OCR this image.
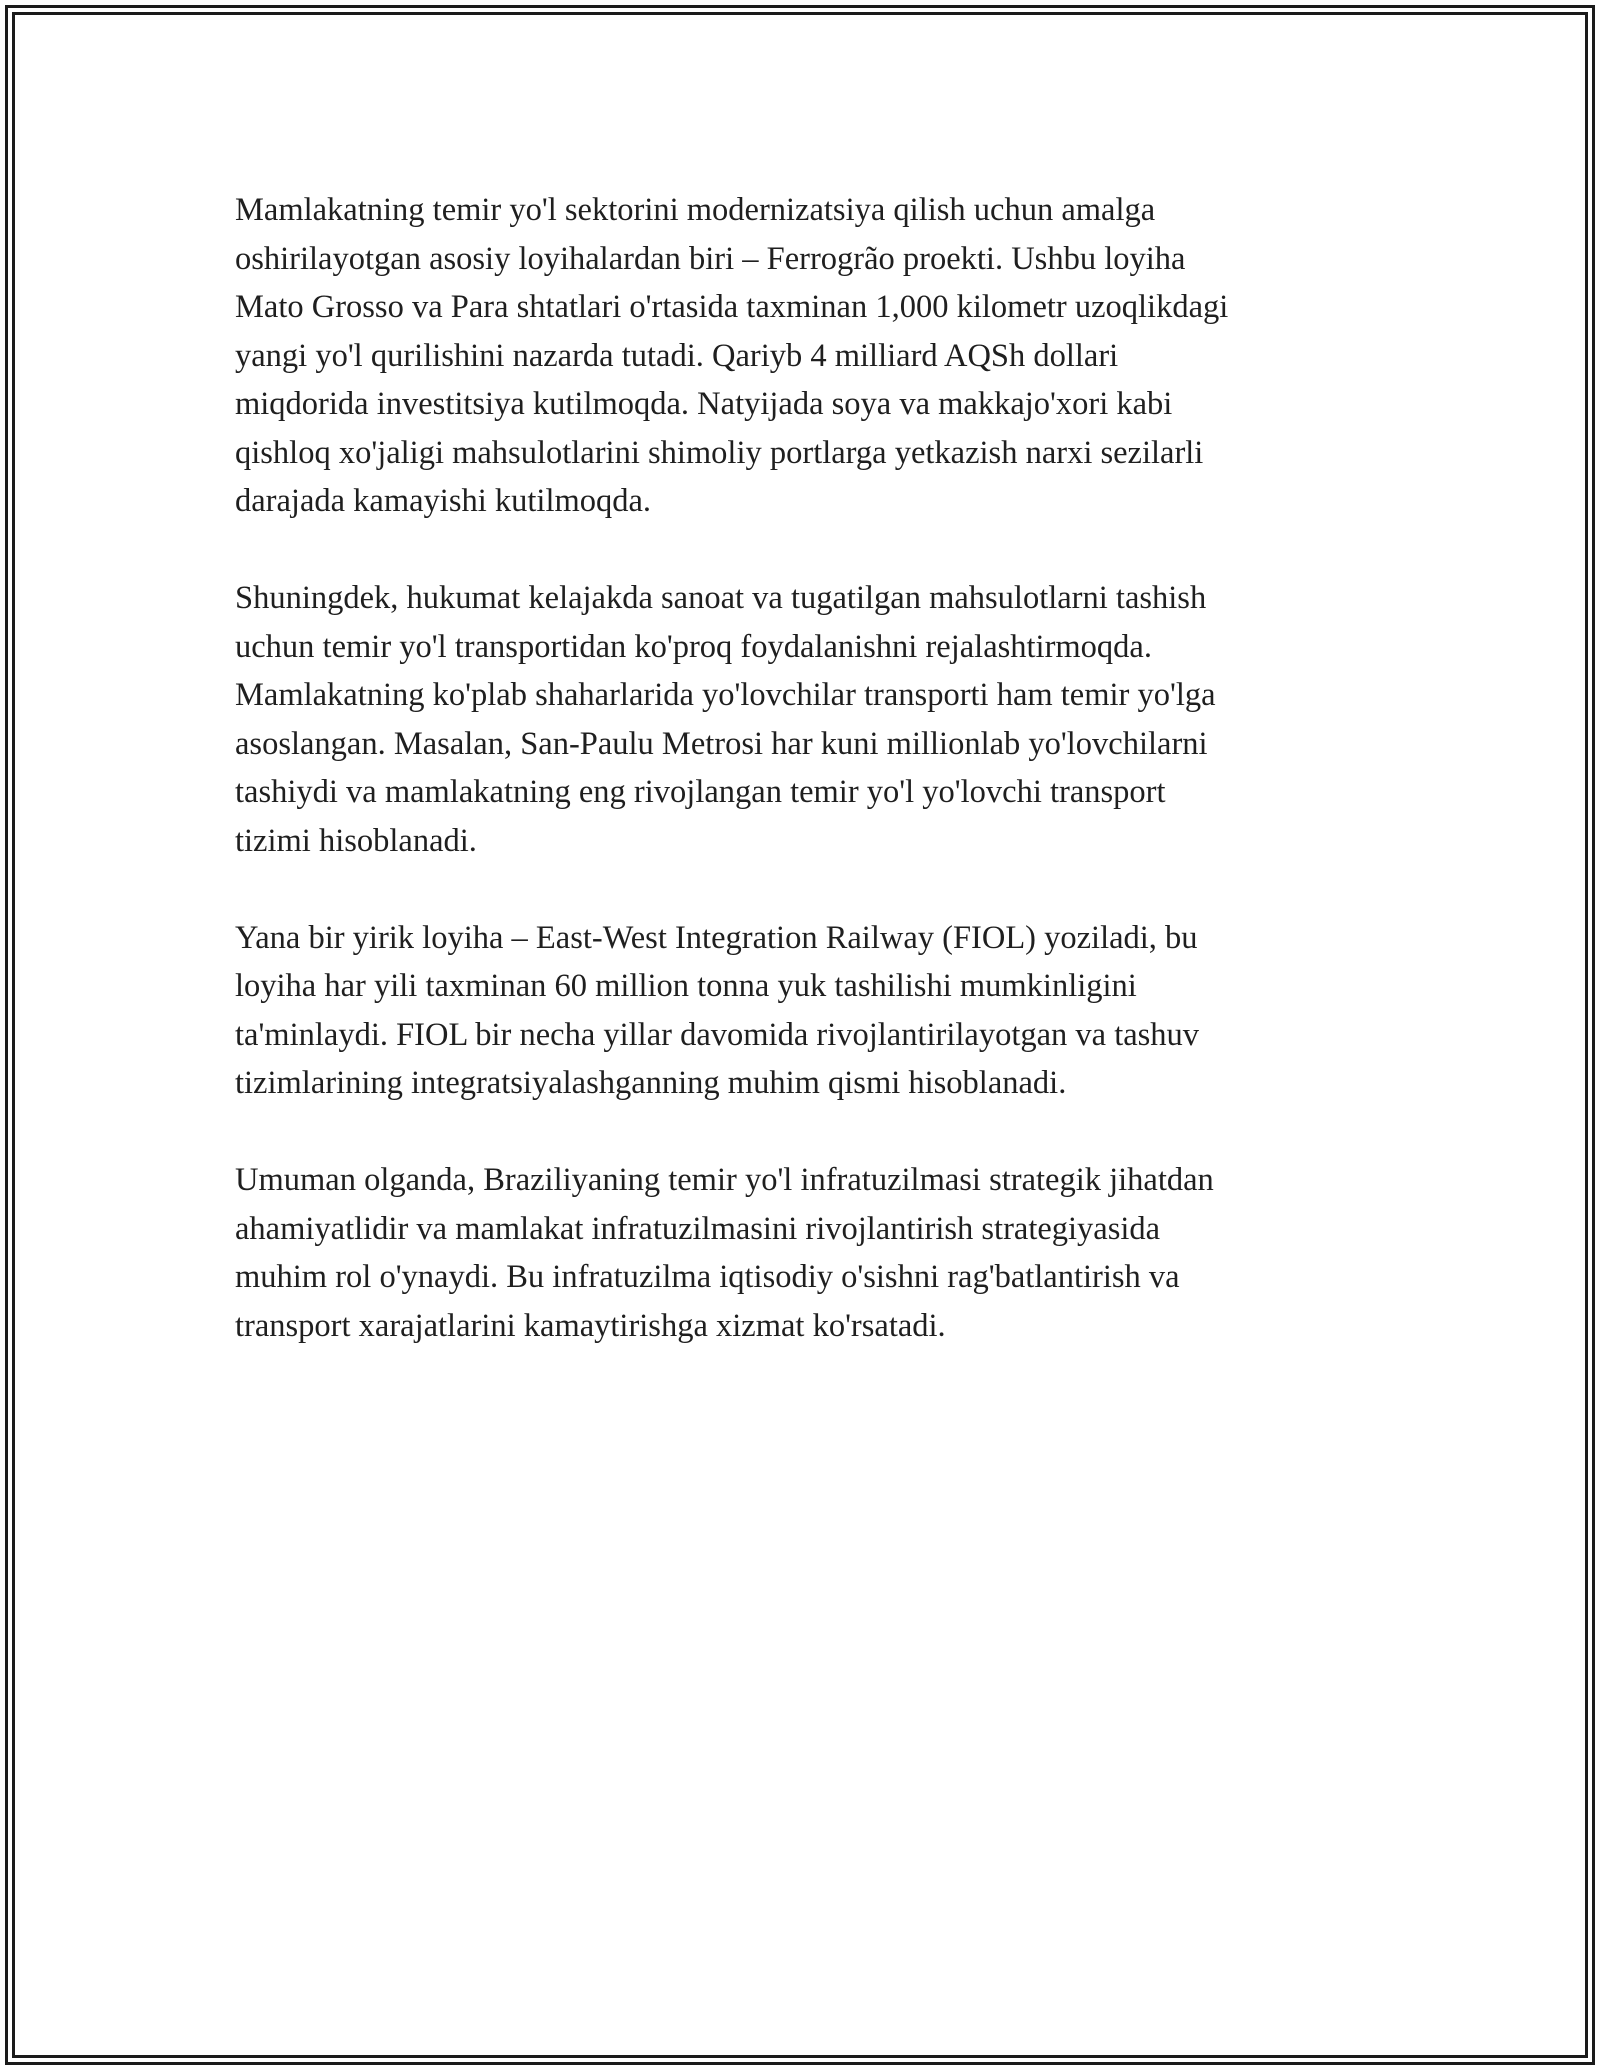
Mamlakatning temir yo'l sektorini modernizatsiya qilish uchun amalga
oshirilayotgan asosiy loyihalardan biri – Ferrogrão proekti. Ushbu loyiha
Mato Grosso va Para shtatlari o'rtasida taxminan 1,000 kilometr uzoqlikdagi
yangi yo'l qurilishini nazarda tutadi. Qariyb 4 milliard AQSh dollari
miqdorida investitsiya kutilmoqda. Natyijada soya va makkajo'xori kabi
qishloq xo'jaligi mahsulotlarini shimoliy portlarga yetkazish narxi sezilarli
darajada kamayishi kutilmoqda.

Shuningdek, hukumat kelajakda sanoat va tugatilgan mahsulotlarni tashish
uchun temir yo'l transportidan ko'proq foydalanishni rejalashtirmoqda.
Mamlakatning ko'plab shaharlarida yo'lovchilar transporti ham temir yo'lga
asoslangan. Masalan, San-Paulu Metrosi har kuni millionlab yo'lovchilarni
tashiydi va mamlakatning eng rivojlangan temir yo'l yo'lovchi transport
tizimi hisoblanadi.

Yana bir yirik loyiha – East-West Integration Railway (FIOL) yoziladi, bu
loyiha har yili taxminan 60 million tonna yuk tashilishi mumkinligini
ta'minlaydi. FIOL bir necha yillar davomida rivojlantirilayotgan va tashuv
tizimlarining integratsiyalashganning muhim qismi hisoblanadi.

Umuman olganda, Braziliyaning temir yo'l infratuzilmasi strategik jihatdan
ahamiyatlidir va mamlakat infratuzilmasini rivojlantirish strategiyasida
muhim rol o'ynaydi. Bu infratuzilma iqtisodiy o'sishni rag'batlantirish va
transport xarajatlarini kamaytirishga xizmat ko'rsatadi.
